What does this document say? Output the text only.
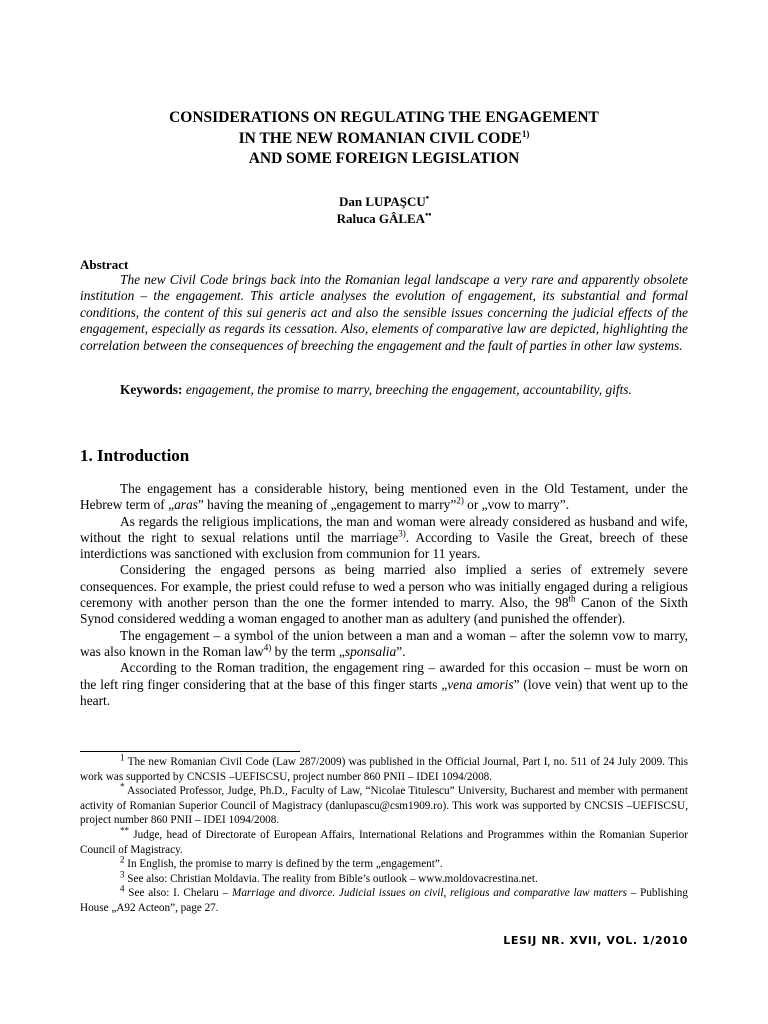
CONSIDERATIONS ON REGULATING THE ENGAGEMENT
IN THE NEW ROMANIAN CIVIL CODE$^{1)}$
AND SOME FOREIGN LEGISLATION
Dan LUPAŞCU•
Raluca GÂLEA••
Abstract

The new Civil Code brings back into the Romanian legal landscape a very rare and apparently obsolete institution – the engagement. This article analyses the evolution of engagement, its substantial and formal conditions, the content of this sui generis act and also the sensible issues concerning the judicial effects of the engagement, especially as regards its cessation. Also, elements of comparative law are depicted, highlighting the correlation between the consequences of breeching the engagement and the fault of parties in other law systems.

Keywords: engagement, the promise to marry, breeching the engagement, accountability, gifts.

1. Introduction

The engagement has a considerable history, being mentioned even in the Old Testament, under the Hebrew term of „aras” having the meaning of „engagement to marry”$^{2)}$ or „vow to marry”.

As regards the religious implications, the man and woman were already considered as husband and wife, without the right to sexual relations until the marriage$^{3)}$. According to Vasile the Great, breech of these interdictions was sanctioned with exclusion from communion for 11 years.

Considering the engaged persons as being married also implied a series of extremely severe consequences. For example, the priest could refuse to wed a person who was initially engaged during a religious ceremony with another person than the one the former intended to marry. Also, the 98th Canon of the Sixth Synod considered wedding a woman engaged to another man as adultery (and punished the offender).

The engagement – a symbol of the union between a man and a woman – after the solemn vow to marry, was also known in the Roman law$^{4)}$ by the term „sponsalia”.

According to the Roman tradition, the engagement ring – awarded for this occasion – must be worn on the left ring finger considering that at the base of this finger starts „vena amoris” (love vein) that went up to the heart.

$^1$ The new Romanian Civil Code (Law 287/2009) was published in the Official Journal, Part I, no. 511 of 24 July 2009. This work was supported by CNCSIS –UEFISCSU, project number 860 PNII – IDEI 1094/2008.

* Associated Professor, Judge, Ph.D., Faculty of Law, “Nicolae Titulescu” University, Bucharest and member with permanent activity of Romanian Superior Council of Magistracy (danlupascu@csm1909.ro). This work was supported by CNCSIS –UEFISCSU, project number 860 PNII – IDEI 1094/2008.

** Judge, head of Directorate of European Affairs, International Relations and Programmes within the Romanian Superior Council of Magistracy.

$^2$ In English, the promise to marry is defined by the term „engagement”.

$^3$ See also: Christian Moldavia. The reality from Bible’s outlook – www.moldovacrestina.net.

$^4$ See also: I. Chelaru – Marriage and divorce. Judicial issues on civil, religious and comparative law matters – Publishing House „A92 Acteon”, page 27.

LESIJ NR. XVII, VOL. 1/2010
